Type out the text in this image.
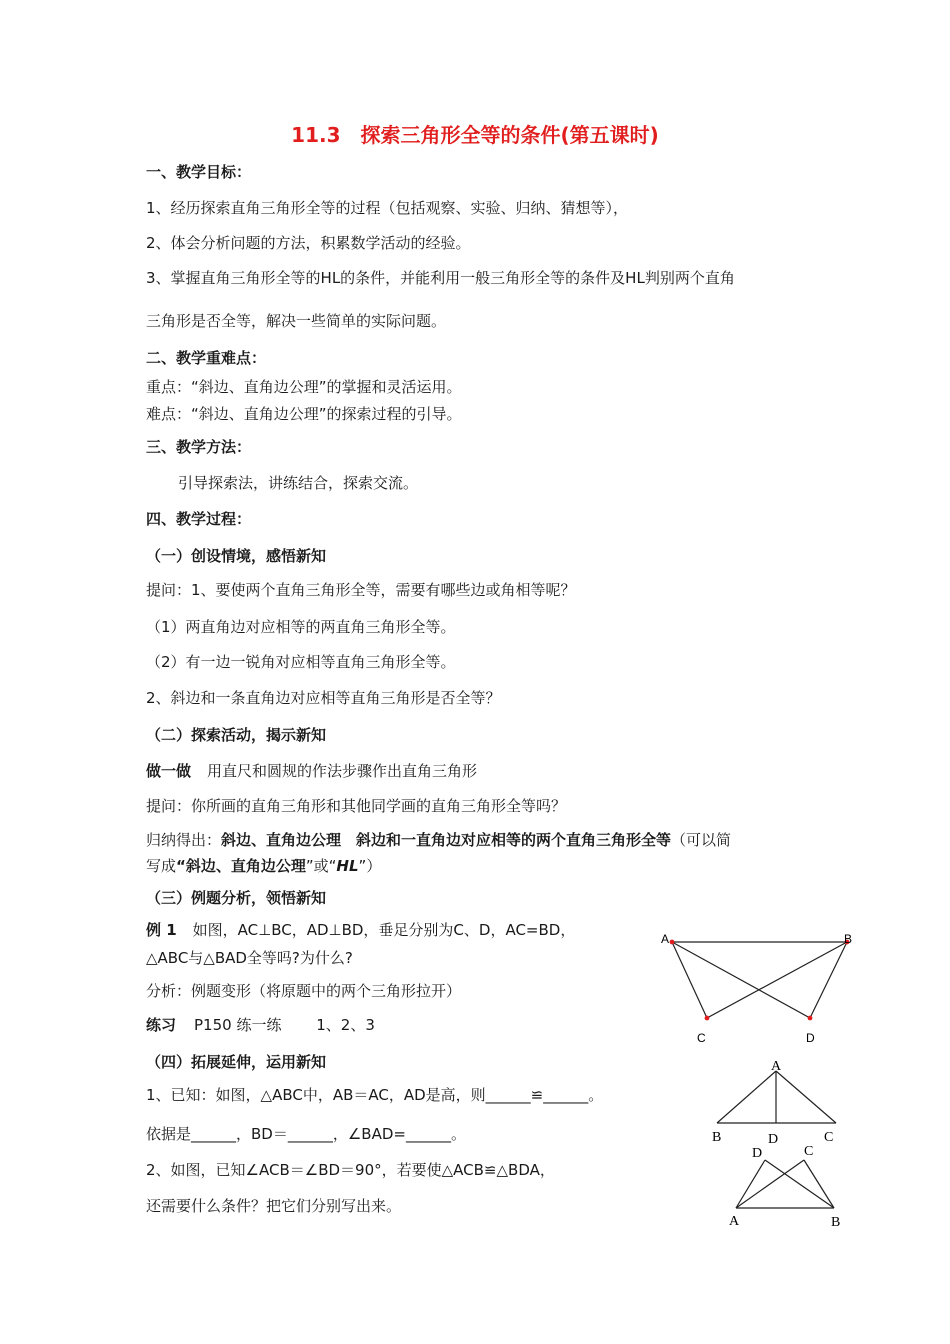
11.3　探索三角形全等的条件(第五课时)
一、教学目标：
1、经历探索直角三角形全等的过程（包括观察、实验、归纳、猜想等），
2、体会分析问题的方法，积累数学活动的经验。
3、掌握直角三角形全等的HL的条件，并能利用一般三角形全等的条件及HL判别两个直角
三角形是否全等，解决一些简单的实际问题。
二、教学重难点：
重点：“斜边、直角边公理”的掌握和灵活运用。
难点：“斜边、直角边公理”的探索过程的引导。
三、教学方法：
引导探索法，讲练结合，探索交流。
四、教学过程：
（一）创设情境，感悟新知
提问：1、要使两个直角三角形全等，需要有哪些边或角相等呢？
（1）两直角边对应相等的两直角三角形全等。
（2）有一边一锐角对应相等直角三角形全等。
2、斜边和一条直角边对应相等直角三角形是否全等？
（二）探索活动，揭示新知
做一做 用直尺和圆规的作法步骤作出直角三角形
提问：你所画的直角三角形和其他同学画的直角三角形全等吗？
归纳得出：斜边、直角边公理　斜边和一直角边对应相等的两个直角三角形全等（可以简
写成“斜边、直角边公理”或“HL”）
（三）例题分析，领悟新知
例 1 如图，AC⊥BC，AD⊥BD，垂足分别为C、D，AC=BD，
△ABC与△BAD全等吗?为什么?
分析：例题变形（将原题中的两个三角形拉开）
练习 P150 练一练　　 1、2、3
（四）拓展延伸，运用新知
1、已知：如图，△ABC中，AB＝AC，AD是高，则______≌______。
依据是______，BD＝______，∠BAD=______。
2、如图，已知∠ACB＝∠BD＝90°，若要使△ACB≌△BDA，
还需要什么条件？把它们分别写出来。
A	B
C	D
A
B	D	C
D	C
A	B
